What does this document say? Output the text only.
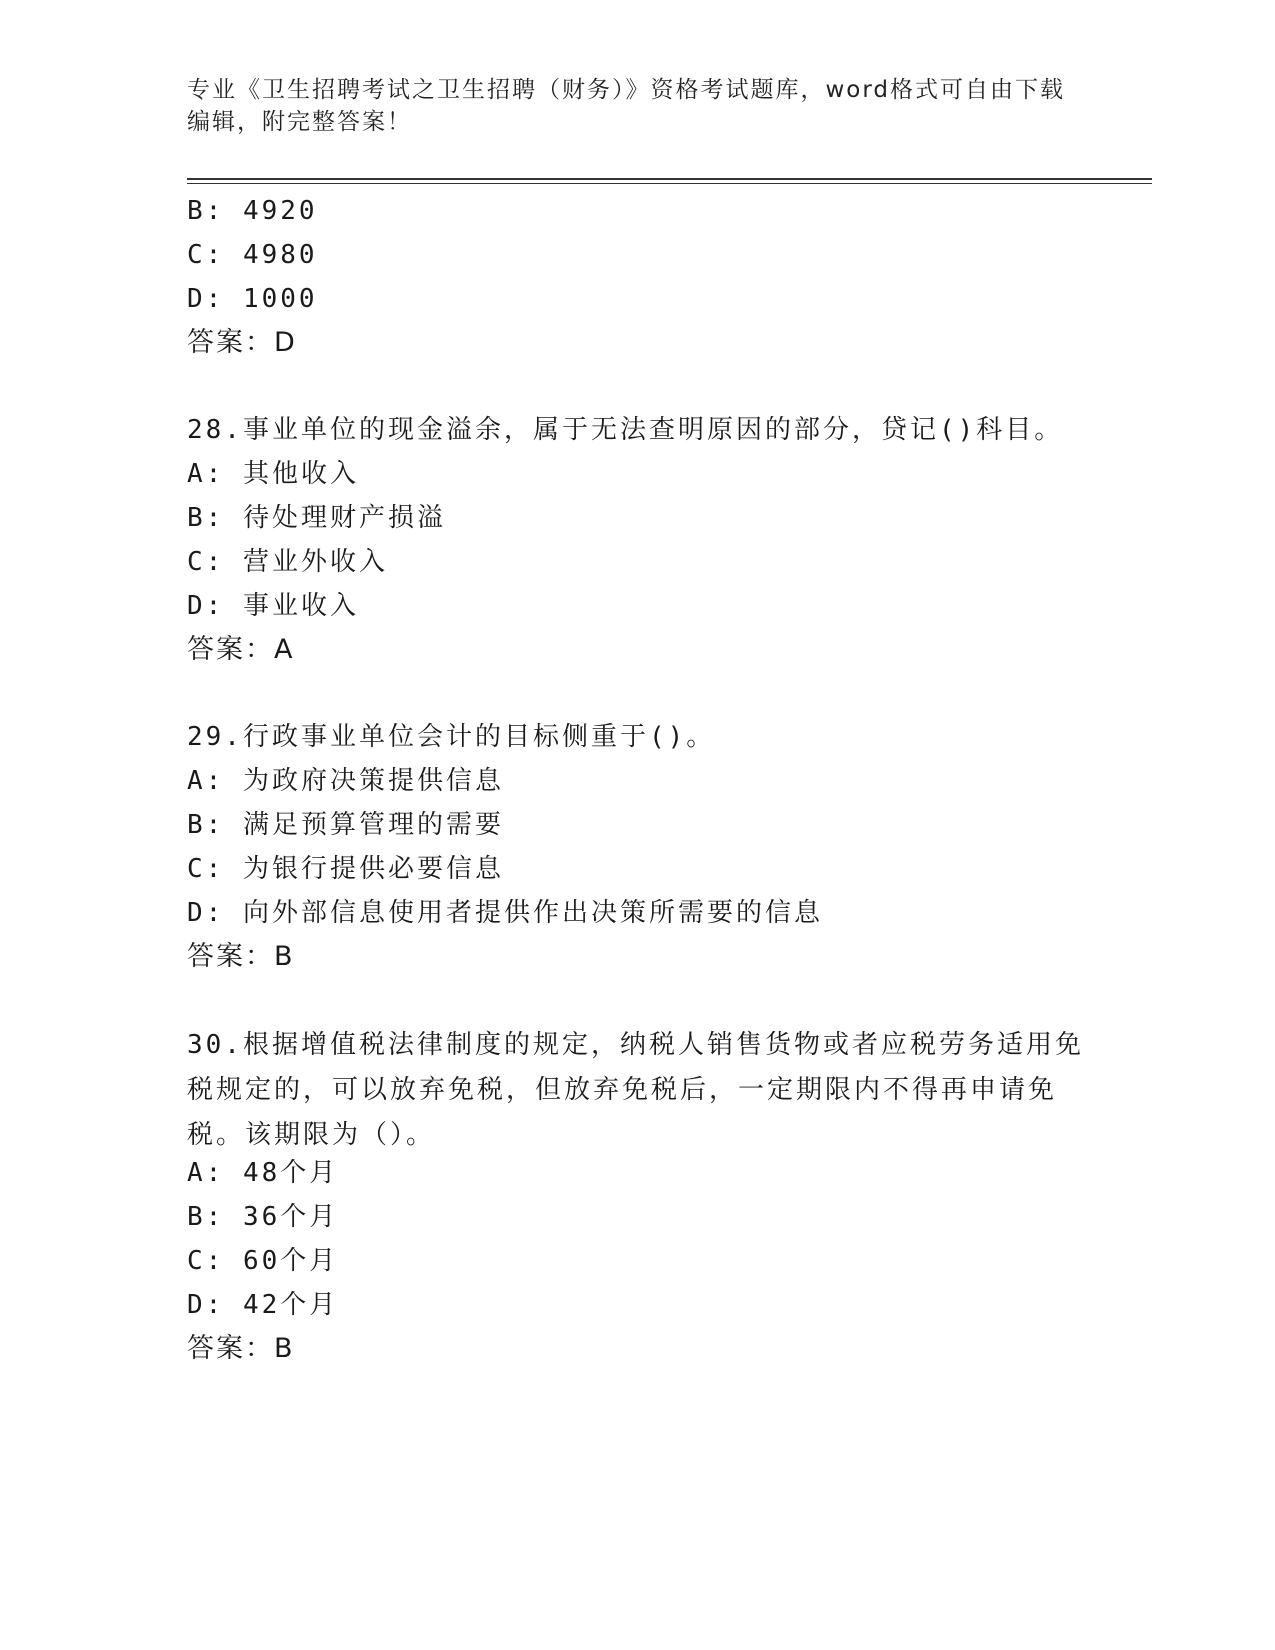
专业《卫生招聘考试之卫生招聘（财务）》资格考试题库，word格式可自由下载编辑，附完整答案！
B: 4920
C: 4980
D: 1000
答案：D
28.事业单位的现金溢余，属于无法查明原因的部分，贷记()科目。
A: 其他收入
B: 待处理财产损溢
C: 营业外收入
D: 事业收入
答案：A
29.行政事业单位会计的目标侧重于()。
A: 为政府决策提供信息
B: 满足预算管理的需要
C: 为银行提供必要信息
D: 向外部信息使用者提供作出决策所需要的信息
答案：B
30.根据增值税法律制度的规定，纳税人销售货物或者应税劳务适用免税规定的，可以放弃免税，但放弃免税后，一定期限内不得再申请免税。该期限为（）。
A: 48个月
B: 36个月
C: 60个月
D: 42个月
答案：B
